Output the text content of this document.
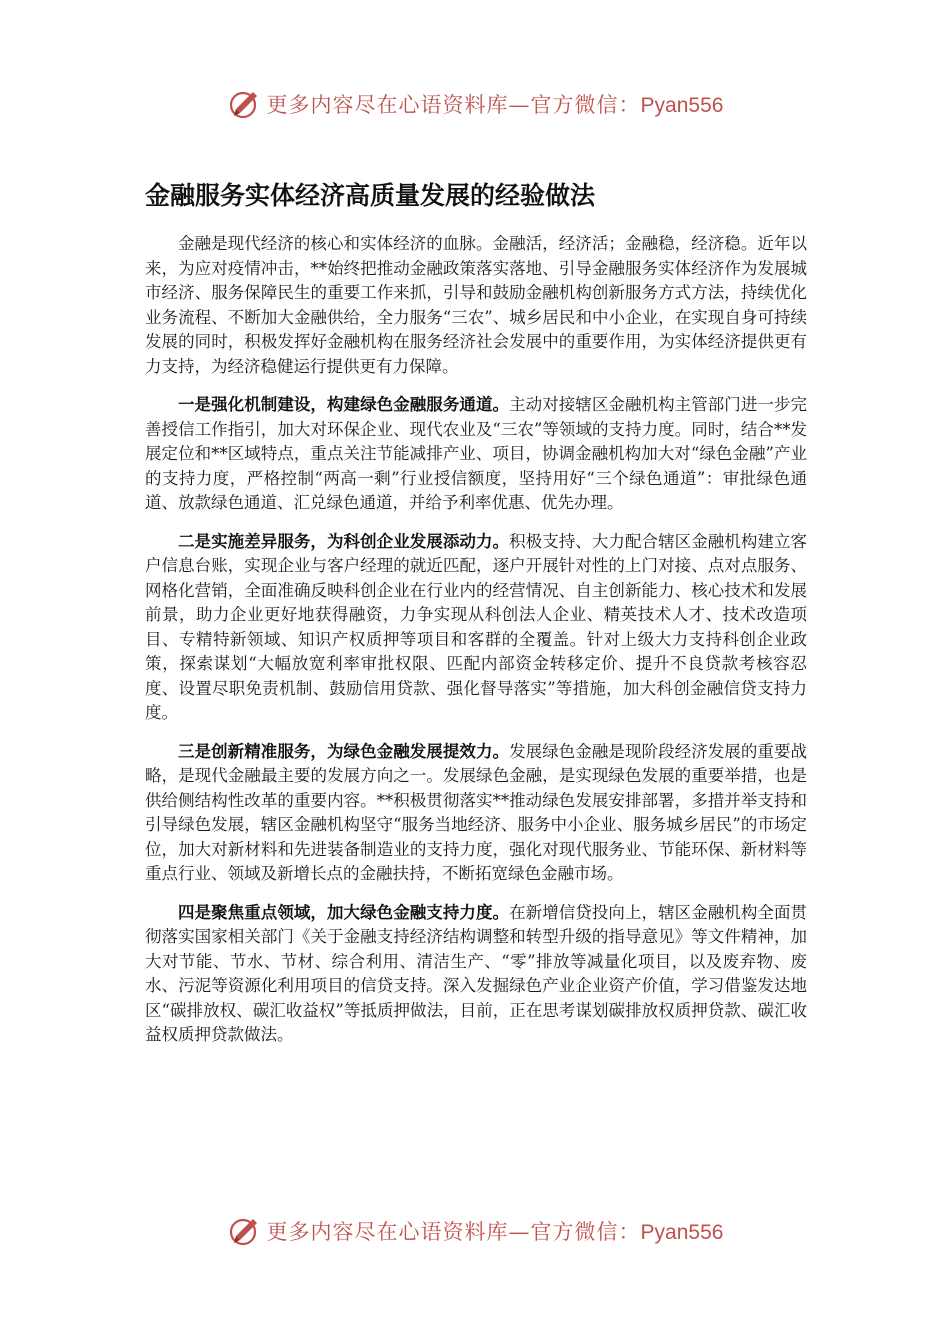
更多内容尽在心语资料库—官方微信：Pyan556
金融服务实体经济高质量发展的经验做法

金融是现代经济的核心和实体经济的血脉。金融活，经济活；金融稳，经济稳。近年以来，为应对疫情冲击，**始终把推动金融政策落实落地、引导金融服务实体经济作为发展城市经济、服务保障民生的重要工作来抓，引导和鼓励金融机构创新服务方式方法，持续优化业务流程、不断加大金融供给，全力服务“三农”、城乡居民和中小企业，在实现自身可持续发展的同时，积极发挥好金融机构在服务经济社会发展中的重要作用，为实体经济提供更有力支持，为经济稳健运行提供更有力保障。

一是强化机制建设，构建绿色金融服务通道。主动对接辖区金融机构主管部门进一步完善授信工作指引，加大对环保企业、现代农业及“三农”等领域的支持力度。同时，结合**发展定位和**区域特点，重点关注节能减排产业、项目，协调金融机构加大对“绿色金融”产业的支持力度，严格控制“两高一剩”行业授信额度，坚持用好“三个绿色通道”：审批绿色通道、放款绿色通道、汇兑绿色通道，并给予利率优惠、优先办理。

二是实施差异服务，为科创企业发展添动力。积极支持、大力配合辖区金融机构建立客户信息台账，实现企业与客户经理的就近匹配，逐户开展针对性的上门对接、点对点服务、网格化营销，全面准确反映科创企业在行业内的经营情况、自主创新能力、核心技术和发展前景，助力企业更好地获得融资，力争实现从科创法人企业、精英技术人才、技术改造项目、专精特新领域、知识产权质押等项目和客群的全覆盖。针对上级大力支持科创企业政策，探索谋划“大幅放宽利率审批权限、匹配内部资金转移定价、提升不良贷款考核容忍度、设置尽职免责机制、鼓励信用贷款、强化督导落实”等措施，加大科创金融信贷支持力度。

三是创新精准服务，为绿色金融发展提效力。发展绿色金融是现阶段经济发展的重要战略，是现代金融最主要的发展方向之一。发展绿色金融，是实现绿色发展的重要举措，也是供给侧结构性改革的重要内容。**积极贯彻落实**推动绿色发展安排部署，多措并举支持和引导绿色发展，辖区金融机构坚守“服务当地经济、服务中小企业、服务城乡居民”的市场定位，加大对新材料和先进装备制造业的支持力度，强化对现代服务业、节能环保、新材料等重点行业、领域及新增长点的金融扶持，不断拓宽绿色金融市场。

四是聚焦重点领域，加大绿色金融支持力度。在新增信贷投向上，辖区金融机构全面贯彻落实国家相关部门《关于金融支持经济结构调整和转型升级的指导意见》等文件精神，加大对节能、节水、节材、综合利用、清洁生产、“零”排放等减量化项目，以及废弃物、废水、污泥等资源化利用项目的信贷支持。深入发掘绿色产业企业资产价值，学习借鉴发达地区“碳排放权、碳汇收益权”等抵质押做法，目前，正在思考谋划碳排放权质押贷款、碳汇收益权质押贷款做法。

更多内容尽在心语资料库—官方微信：Pyan556
